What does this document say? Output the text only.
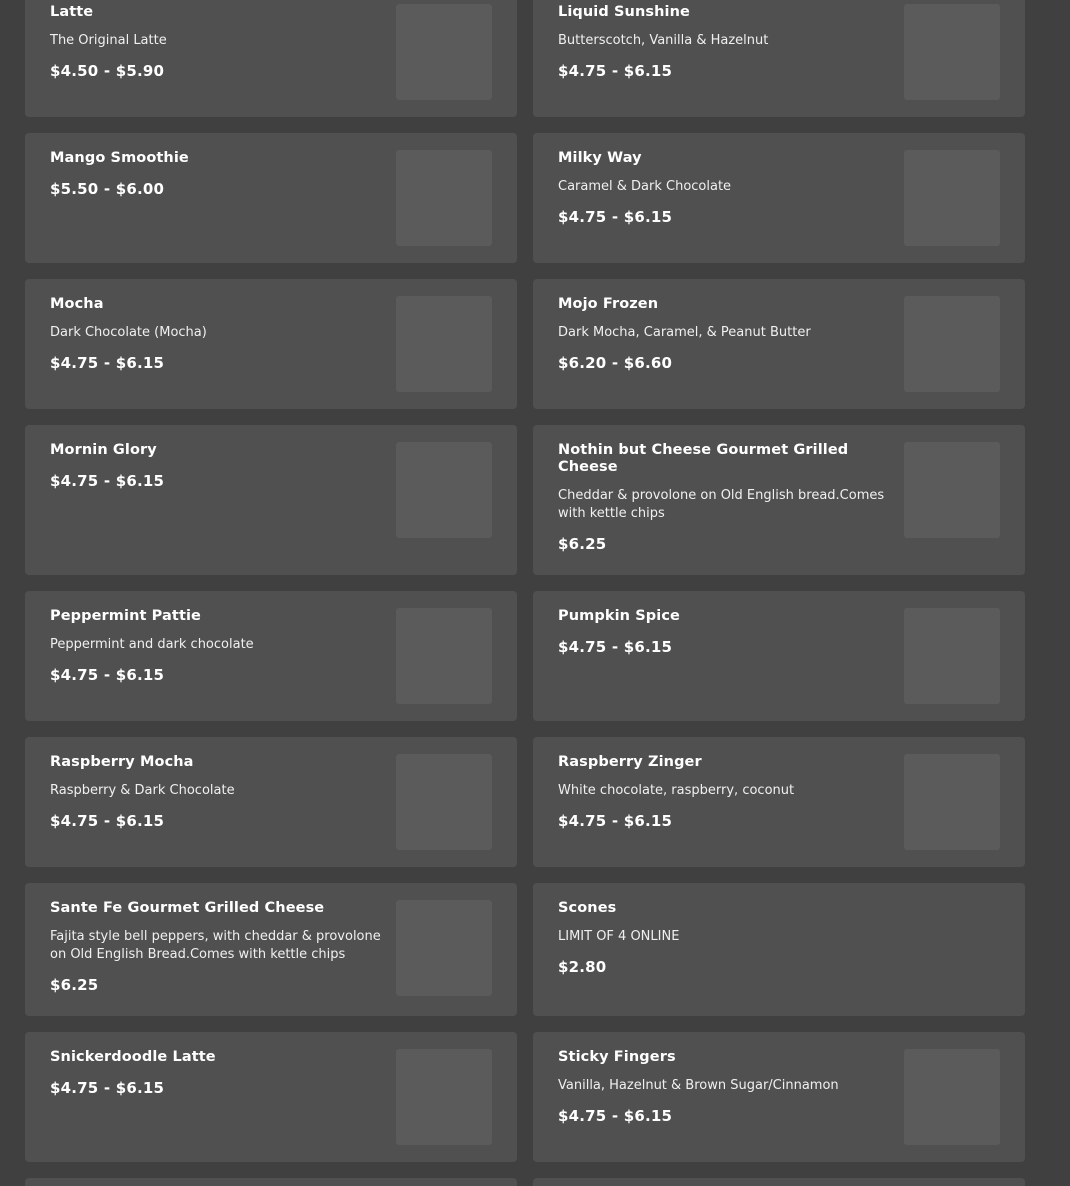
Latte
The Original Latte
$4.50 - $5.90
Liquid Sunshine
Butterscotch, Vanilla & Hazelnut
$4.75 - $6.15
Mango Smoothie
$5.50 - $6.00
Milky Way
Caramel & Dark Chocolate
$4.75 - $6.15
Mocha
Dark Chocolate (Mocha)
$4.75 - $6.15
Mojo Frozen
Dark Mocha, Caramel, & Peanut Butter
$6.20 - $6.60
Mornin Glory
$4.75 - $6.15
Nothin but Cheese Gourmet Grilled Cheese
Cheddar & provolone on Old English bread.Comes with kettle chips
$6.25
Peppermint Pattie
Peppermint and dark chocolate
$4.75 - $6.15
Pumpkin Spice
$4.75 - $6.15
Raspberry Mocha
Raspberry & Dark Chocolate
$4.75 - $6.15
Raspberry Zinger
White chocolate, raspberry, coconut
$4.75 - $6.15
Sante Fe Gourmet Grilled Cheese
Fajita style bell peppers, with cheddar & provolone on Old English Bread.Comes with kettle chips
$6.25
Scones
LIMIT OF 4 ONLINE
$2.80
Snickerdoodle Latte
$4.75 - $6.15
Sticky Fingers
Vanilla, Hazelnut & Brown Sugar/Cinnamon
$4.75 - $6.15
